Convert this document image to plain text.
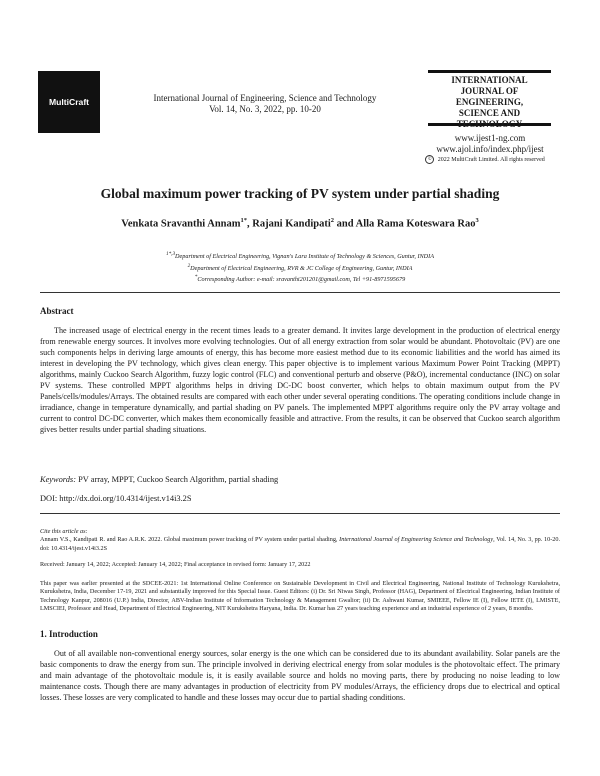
MultiCraft	International Journal of Engineering, Science and Technology
Vol. 14, No. 3, 2022, pp. 10-20
INTERNATIONAL
JOURNAL OF
ENGINEERING,
SCIENCE AND
TECHNOLOGY
www.ijest1-ng.com
www.ajol.info/index.php/ijest
© 2022 MultiCraft Limited. All rights reserved
Global maximum power tracking of PV system under partial shading
Venkata Sravanthi Annam$^{1*}$, Rajani Kandipati$^2$ and Alla Rama Koteswara Rao$^3$
$^{1*,3}$Department of Electrical Engineering, Vignan's Lara Institute of Technology & Sciences, Guntur, INDIA
$^2$Department of Electrical Engineering, RVR & JC College of Engineering, Guntur, INDIA
*Corresponding Author: e-mail: sravanthi201201@gmail.com, Tel +91-8971595679
Abstract
The increased usage of electrical energy in the recent times leads to a greater demand. It invites large development in the production of electrical energy from renewable energy sources. It involves more evolving technologies. Out of all energy extraction from solar would be abundant. Photovoltaic (PV) are one such components helps in deriving large amounts of energy, this has become more easiest method due to its economic liabilities and the world has aimed its interest in developing the PV technology, which gives clean energy. This paper objective is to implement various Maximum Power Point Tracking (MPPT) algorithms, mainly Cuckoo Search Algorithm, fuzzy logic control (FLC) and conventional perturb and observe (P&O), incremental conductance (INC) on solar PV systems. These controlled MPPT algorithms helps in driving DC-DC boost converter, which helps to obtain maximum output from the PV Panels/cells/modules/Arrays. The obtained results are compared with each other under several operating conditions. The operating conditions include change in irradiance, change in temperature dynamically, and partial shading on PV panels. The implemented MPPT algorithms require only the PV array voltage and current to control DC-DC converter, which makes them economically feasible and attractive. From the results, it can be observed that Cuckoo search algorithm gives better results under partial shading situations.
Keywords: PV array, MPPT, Cuckoo Search Algorithm, partial shading
DOI: http://dx.doi.org/10.4314/ijest.v14i3.2S
Cite this article as:
Annam V.S., Kandipati R. and Rao A.R.K. 2022. Global maximum power tracking of PV system under partial shading, International Journal of Engineering Science and Technology, Vol. 14, No. 3, pp. 10-20. doi: 10.4314/ijest.v14i3.2S
Received: January 14, 2022; Accepted: January 14, 2022; Final acceptance in revised form: January 17, 2022
This paper was earlier presented at the SDCEE-2021: 1st International Online Conference on Sustainable Development in Civil and Electrical Engineering, National Institute of Technology Kurukshetra, Kurukshetra, India, December 17-19, 2021 and substantially improved for this Special Issue. Guest Editors: (i) Dr. Sri Niwas Singh, Professor (HAG), Department of Electrical Engineering, Indian Institute of Technology Kanpur, 208016 (U.P.) India, Director, ABV-Indian Institute of Information Technology & Management Gwalior; (ii) Dr. Ashwani Kumar, SMIEEE, Fellow IE (I), Fellow IETE (I), LMISTE, LMSCIEI, Professor and Head, Department of Electrical Engineering, NIT Kurukshetra Haryana, India. Dr. Kumar has 27 years teaching experience and an industrial experience of 2 years, 8 months.
1. Introduction
Out of all available non-conventional energy sources, solar energy is the one which can be considered due to its abundant availability. Solar panels are the basic components to draw the energy from sun. The principle involved in deriving electrical energy from solar modules is the photovoltaic effect. The primary and main advantage of the photovoltaic module is, it is easily available source and holds no moving parts, there by producing no noise leading to low maintenance costs. Though there are many advantages in production of electricity from PV modules/Arrays, the efficiency drops due to electrical and optical losses. These losses are very complicated to handle and these losses may occur due to partial shading conditions.
